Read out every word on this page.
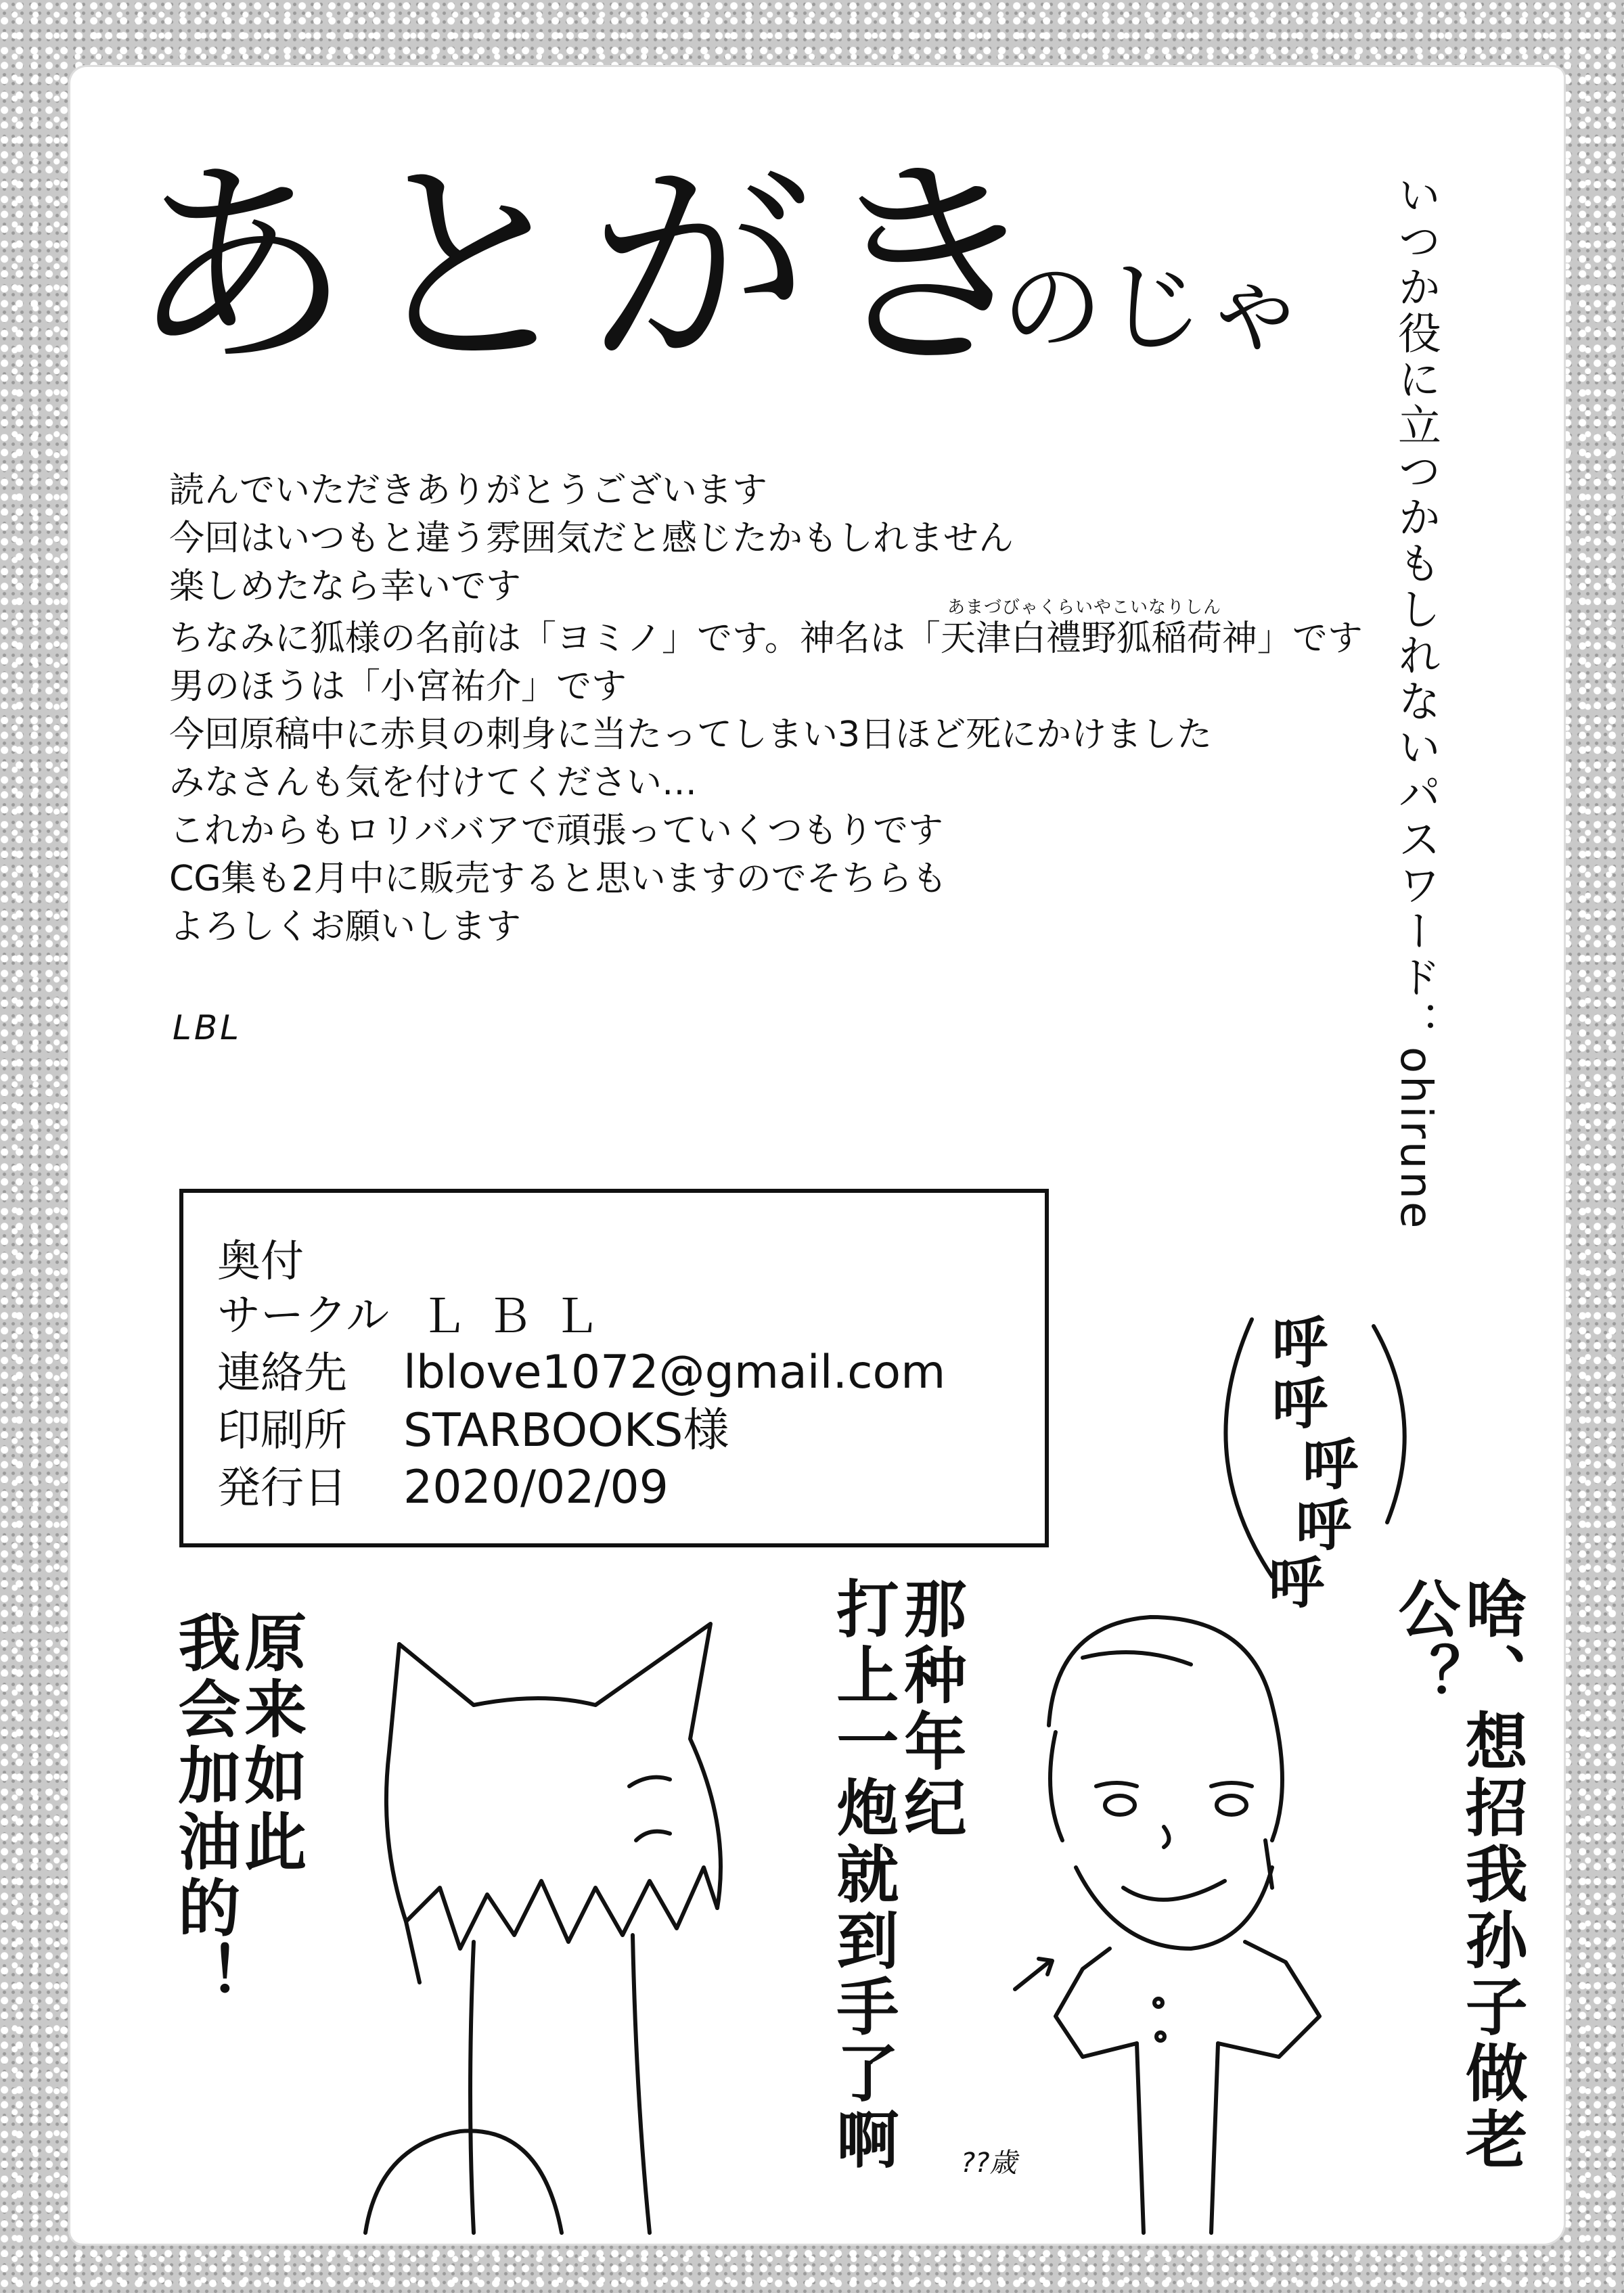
あとがき
のじゃ いつか役に立つかもしれないパスワード：ohirune
読んでいただきありがとうございます
今回はいつもと違う雰囲気だと感じたかもしれません
楽しめたなら幸いです
ちなみに狐様の名前は「ヨミノ」です。神名は「天津白禮野狐稲荷神」です
男のほうは「小宮祐介」です
今回原稿中に赤貝の刺身に当たってしまい3日ほど死にかけました
みなさんも気を付けてください…
これからもロリババアで頑張っていくつもりです
CG集も2月中に販売すると思いますのでそちらも
よろしくお願いします
あまづびゃくらいやこいなりしん
LBL
奥付
サークル ＬＢＬ
連絡先 lblove1072@gmail.com
印刷所 STARBOOKS様
発行日 2020/02/09
呼
呼
呼
呼
呼
原来如此
我会加油的！	那种年纪
打上一炮就到手了啊	啥、想招我孙子做老公？
??歳
